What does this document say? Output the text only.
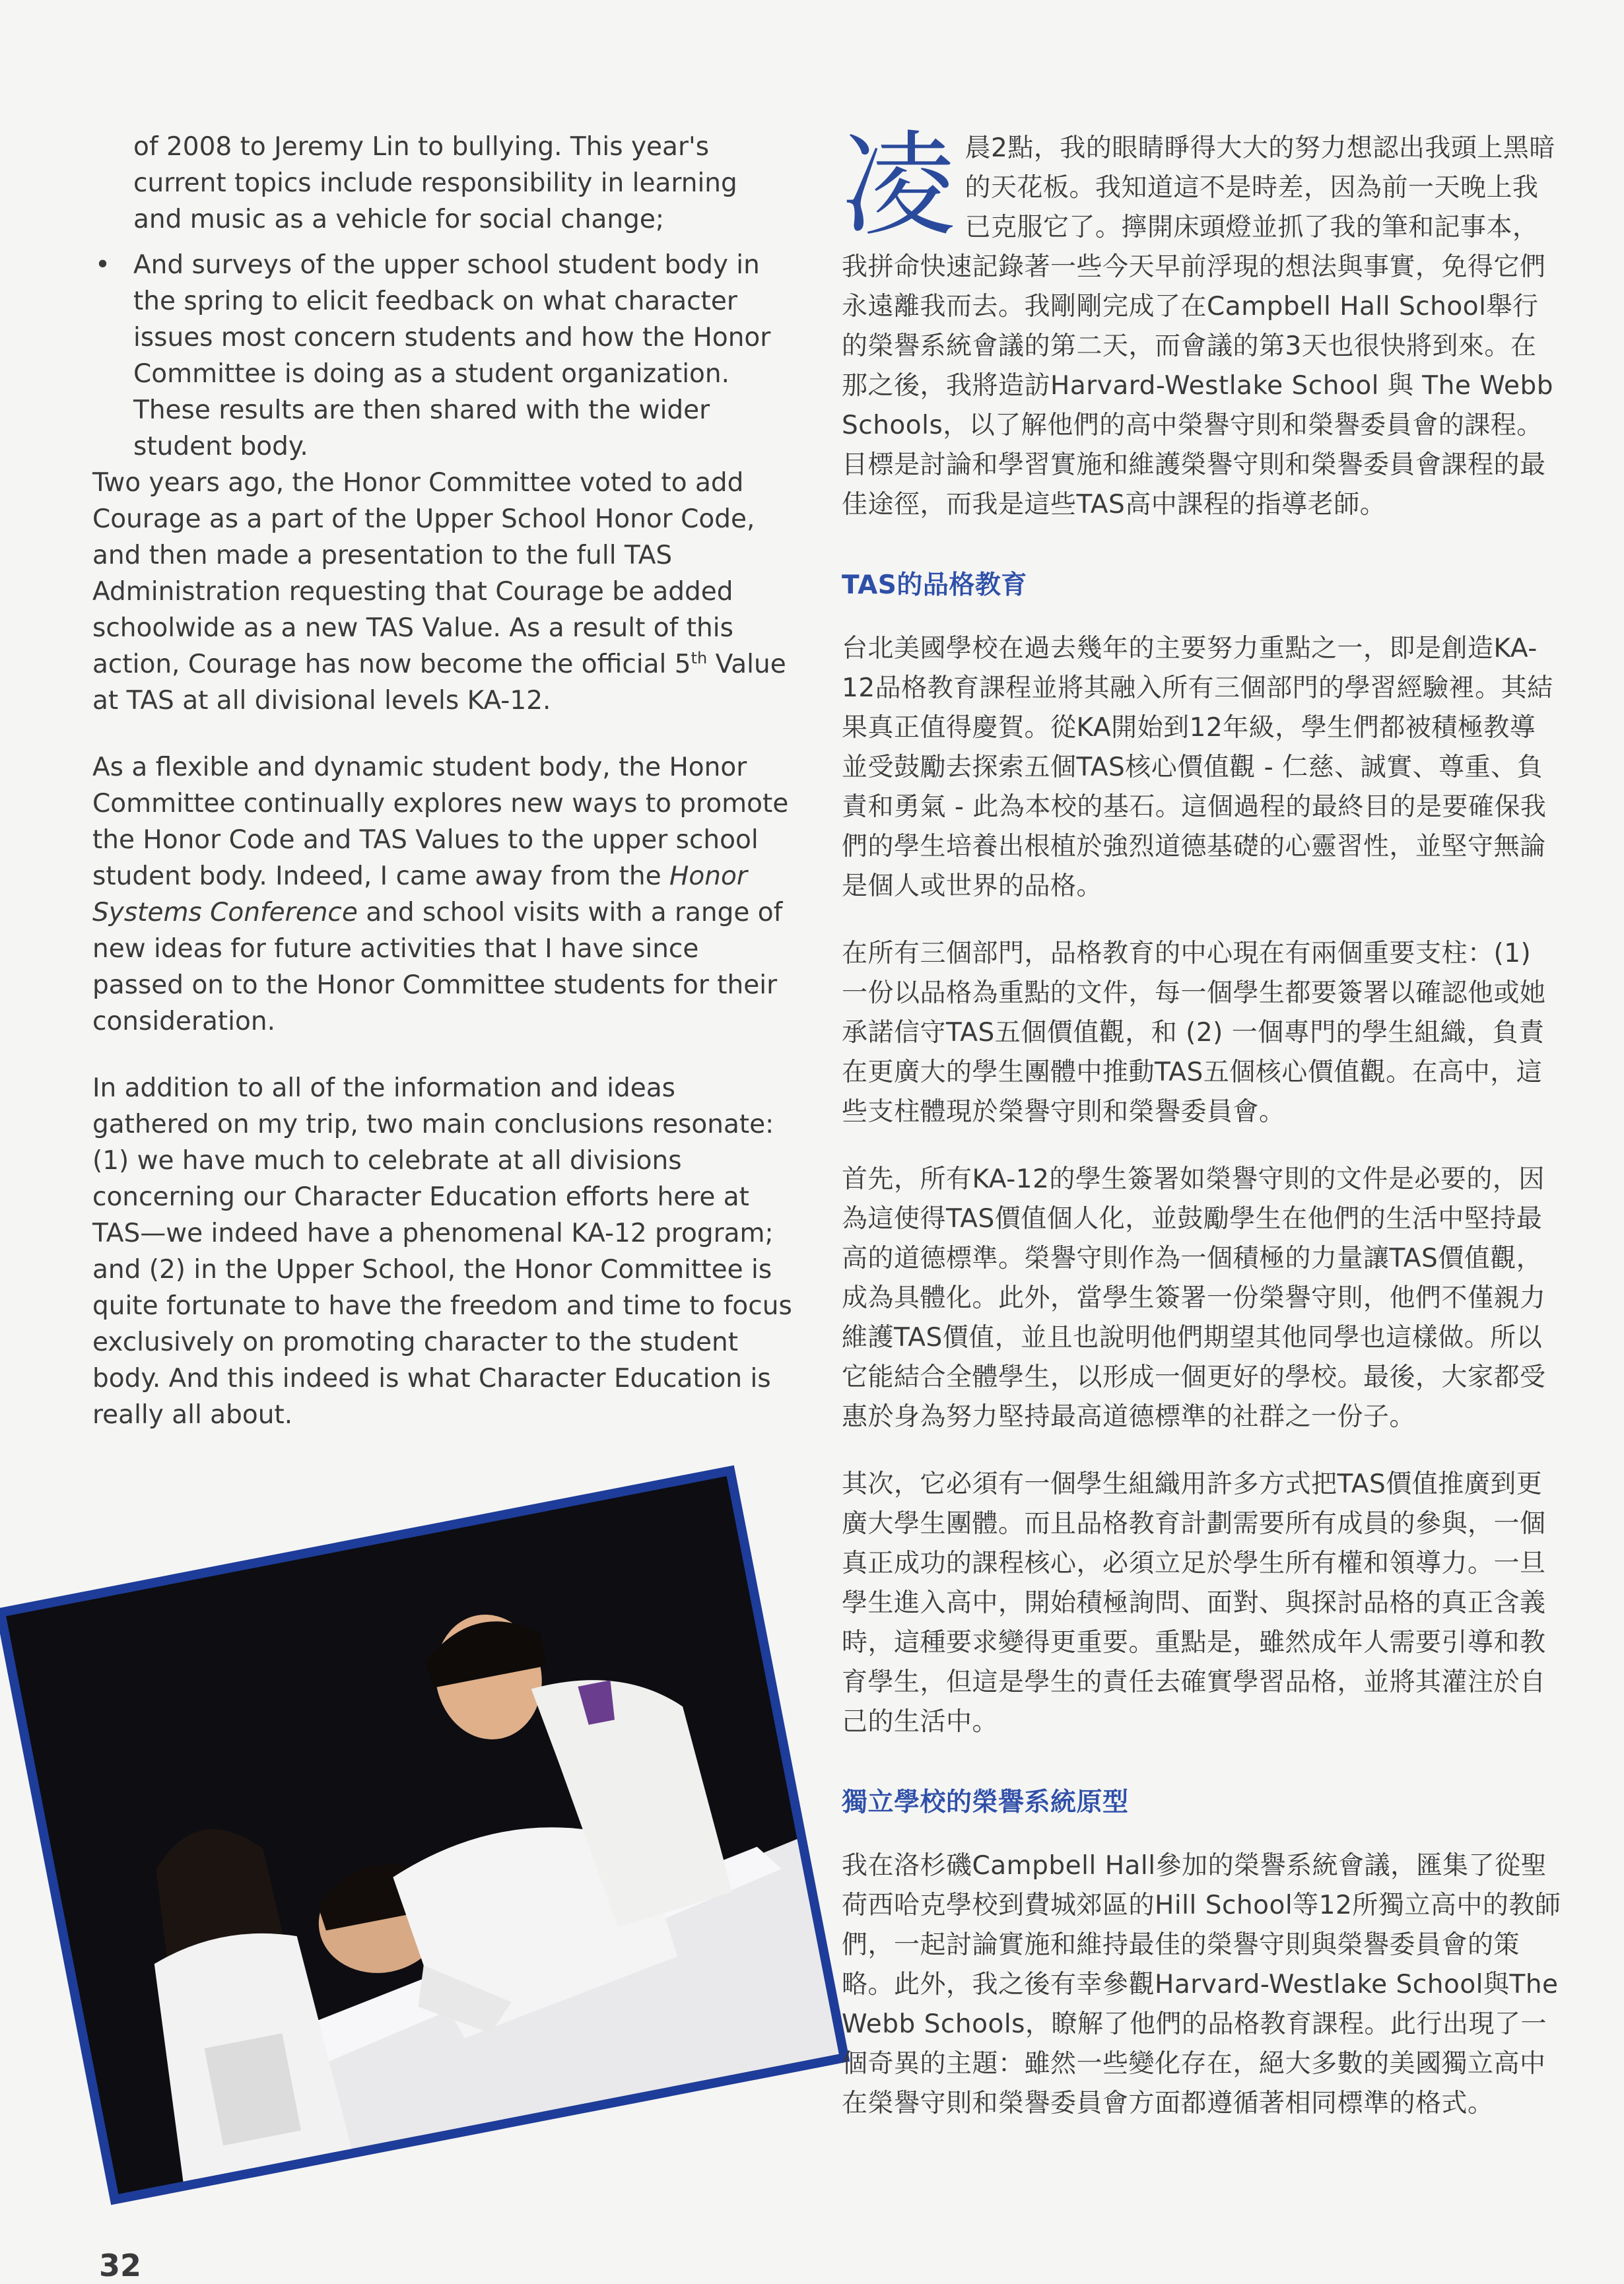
of 2008 to Jeremy Lin to bullying. This year's

current topics include responsibility in learning

and music as a vehicle for social change;

• And surveys of the upper school student body in the spring to elicit feedback on what character issues most concern students and how the Honor Committee is doing as a student organization. These results are then shared with the wider student body.

Two years ago, the Honor Committee voted to add Courage as a part of the Upper School Honor Code, and then made a presentation to the full TAS Administration requesting that Courage be added schoolwide as a new TAS Value. As a result of this action, Courage has now become the official 5th Value at TAS at all divisional levels KA-12.

As a flexible and dynamic student body, the Honor Committee continually explores new ways to promote the Honor Code and TAS Values to the upper school student body. Indeed, I came away from the Honor Systems Conference and school visits with a range of new ideas for future activities that I have since passed on to the Honor Committee students for their consideration.

In addition to all of the information and ideas gathered on my trip, two main conclusions resonate: (1) we have much to celebrate at all divisions concerning our Character Education efforts here at TAS—we indeed have a phenomenal KA-12 program; and (2) in the Upper School, the Honor Committee is quite fortunate to have the freedom and time to focus exclusively on promoting character to the student body. And this indeed is what Character Education is really all about.

凌 晨2點，我的眼睛睜得大大的努力想認出我頭上黑暗的天花板。我知道這不是時差，因為前一天晚上我已克服它了。擰開床頭燈並抓了我的筆和記事本，我拼命快速記錄著一些今天早前浮現的想法與事實，免得它們永遠離我而去。我剛剛完成了在Campbell Hall School舉行的榮譽系統會議的第二天，而會議的第3天也很快將到來。在那之後，我將造訪Harvard-Westlake School 與 The Webb Schools，以了解他們的高中榮譽守則和榮譽委員會的課程。目標是討論和學習實施和維護榮譽守則和榮譽委員會課程的最佳途徑，而我是這些TAS高中課程的指導老師。

TAS的品格教育

台北美國學校在過去幾年的主要努力重點之一，即是創造KA-12品格教育課程並將其融入所有三個部門的學習經驗裡。其結果真正值得慶賀。從KA開始到12年級，學生們都被積極教導並受鼓勵去探索五個TAS核心價值觀 - 仁慈、誠實、尊重、負責和勇氣 - 此為本校的基石。這個過程的最終目的是要確保我們的學生培養出根植於強烈道德基礎的心靈習性，並堅守無論是個人或世界的品格。

在所有三個部門，品格教育的中心現在有兩個重要支柱：(1) 一份以品格為重點的文件，每一個學生都要簽署以確認他或她承諾信守TAS五個價值觀，和 (2) 一個專門的學生組織，負責在更廣大的學生團體中推動TAS五個核心價值觀。在高中，這些支柱體現於榮譽守則和榮譽委員會。

首先，所有KA-12的學生簽署如榮譽守則的文件是必要的，因為這使得TAS價值個人化，並鼓勵學生在他們的生活中堅持最高的道德標準。榮譽守則作為一個積極的力量讓TAS價值觀，成為具體化。此外，當學生簽署一份榮譽守則，他們不僅親力維護TAS價值，並且也說明他們期望其他同學也這樣做。所以它能結合全體學生，以形成一個更好的學校。最後，大家都受惠於身為努力堅持最高道德標準的社群之一份子。

其次，它必須有一個學生組織用許多方式把TAS價值推廣到更廣大學生團體。而且品格教育計劃需要所有成員的參與，一個真正成功的課程核心，必須立足於學生所有權和領導力。一旦學生進入高中，開始積極詢問、面對、與探討品格的真正含義時，這種要求變得更重要。重點是，雖然成年人需要引導和教育學生，但這是學生的責任去確實學習品格，並將其灌注於自己的生活中。

獨立學校的榮譽系統原型

我在洛杉磯Campbell Hall參加的榮譽系統會議，匯集了從聖荷西哈克學校到費城郊區的Hill School等12所獨立高中的教師們，一起討論實施和維持最佳的榮譽守則與榮譽委員會的策略。此外，我之後有幸參觀Harvard-Westlake School與The Webb Schools，瞭解了他們的品格教育課程。此行出現了一個奇異的主題：雖然一些變化存在，絕大多數的美國獨立高中在榮譽守則和榮譽委員會方面都遵循著相同標準的格式。

32
